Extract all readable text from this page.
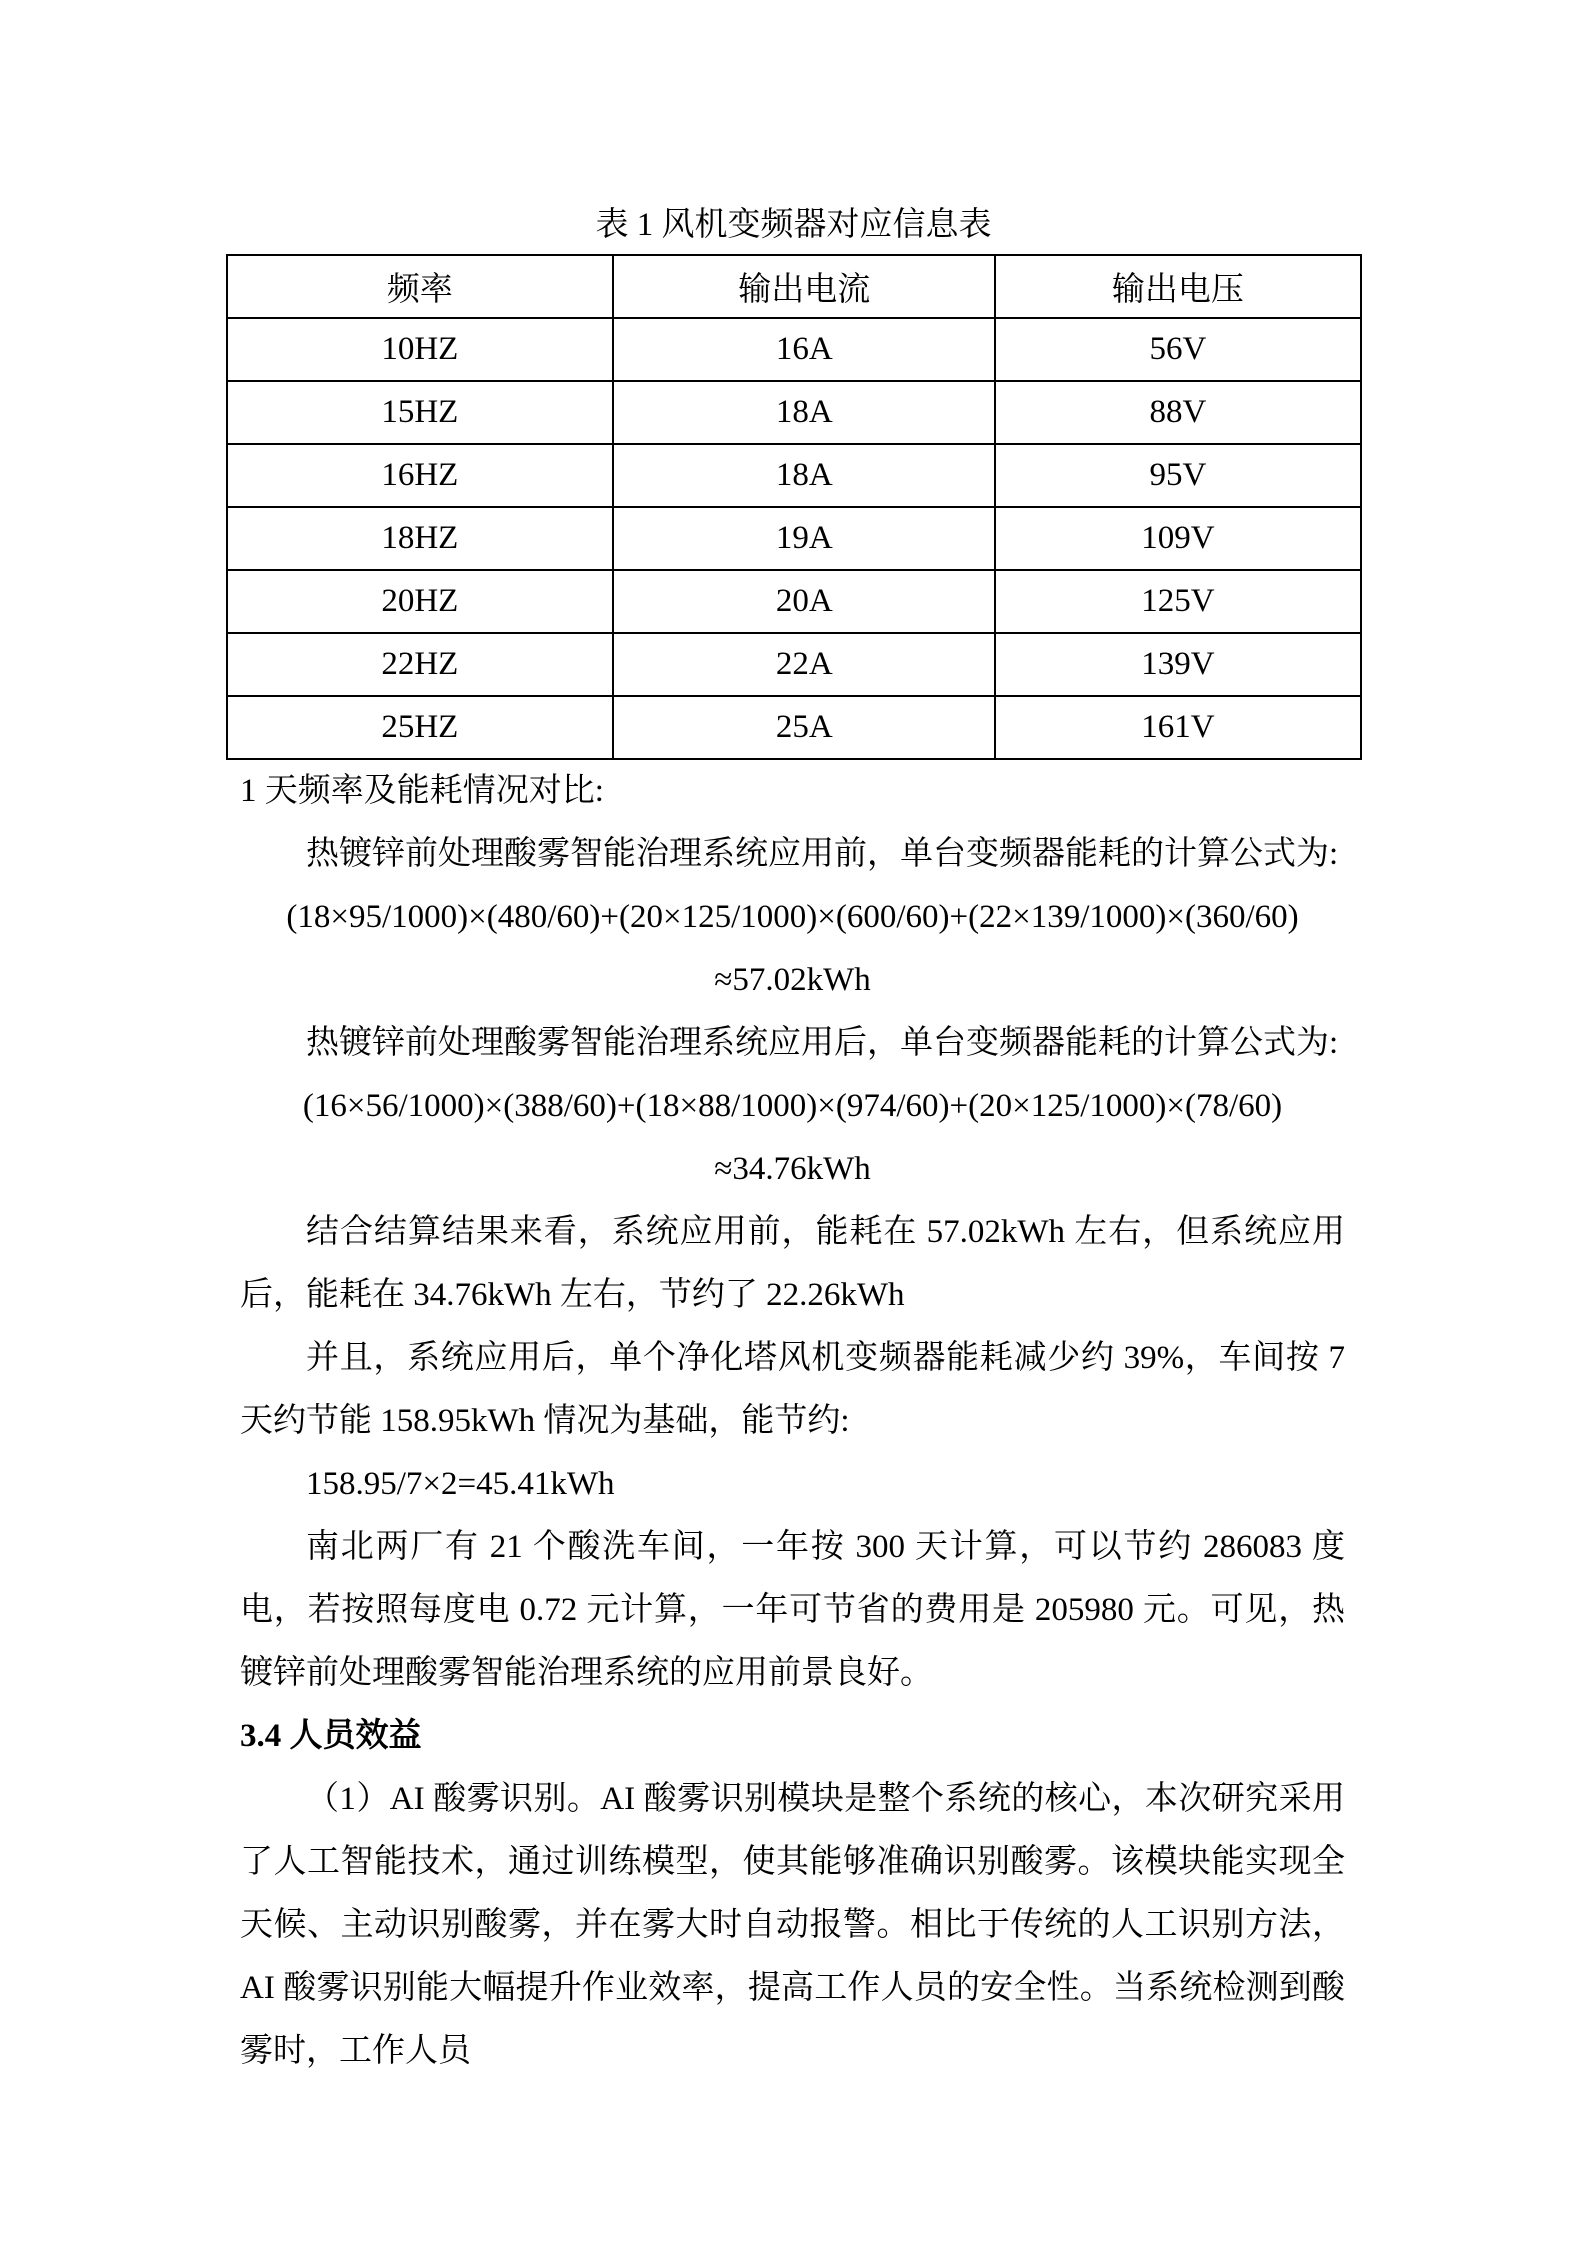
表 1 风机变频器对应信息表

频率	输出电流	输出电压
10HZ	16A	56V
15HZ	18A	88V
16HZ	18A	95V
18HZ	19A	109V
20HZ	20A	125V
22HZ	22A	139V
25HZ	25A	161V

1 天频率及能耗情况对比:

热镀锌前处理酸雾智能治理系统应用前，单台变频器能耗的计算公式为:

(18×95/1000)×(480/60)+(20×125/1000)×(600/60)+(22×139/1000)×(360/60)

≈57.02kWh

热镀锌前处理酸雾智能治理系统应用后，单台变频器能耗的计算公式为:

(16×56/1000)×(388/60)+(18×88/1000)×(974/60)+(20×125/1000)×(78/60)

≈34.76kWh

结合结算结果来看，系统应用前，能耗在 57.02kWh 左右，但系统应用后，能耗在 34.76kWh 左右，节约了 22.26kWh

并且，系统应用后，单个净化塔风机变频器能耗减少约 39%，车间按 7 天约节能 158.95kWh 情况为基础，能节约:

158.95/7×2=45.41kWh

南北两厂有 21 个酸洗车间，一年按 300 天计算，可以节约 286083 度电，若按照每度电 0.72 元计算，一年可节省的费用是 205980 元。可见，热镀锌前处理酸雾智能治理系统的应用前景良好。

3.4 人员效益

（1）AI 酸雾识别。AI 酸雾识别模块是整个系统的核心，本次研究采用了人工智能技术，通过训练模型，使其能够准确识别酸雾。该模块能实现全天候、主动识别酸雾，并在雾大时自动报警。相比于传统的人工识别方法，AI 酸雾识别能大幅提升作业效率，提高工作人员的安全性。当系统检测到酸雾时，工作人员
